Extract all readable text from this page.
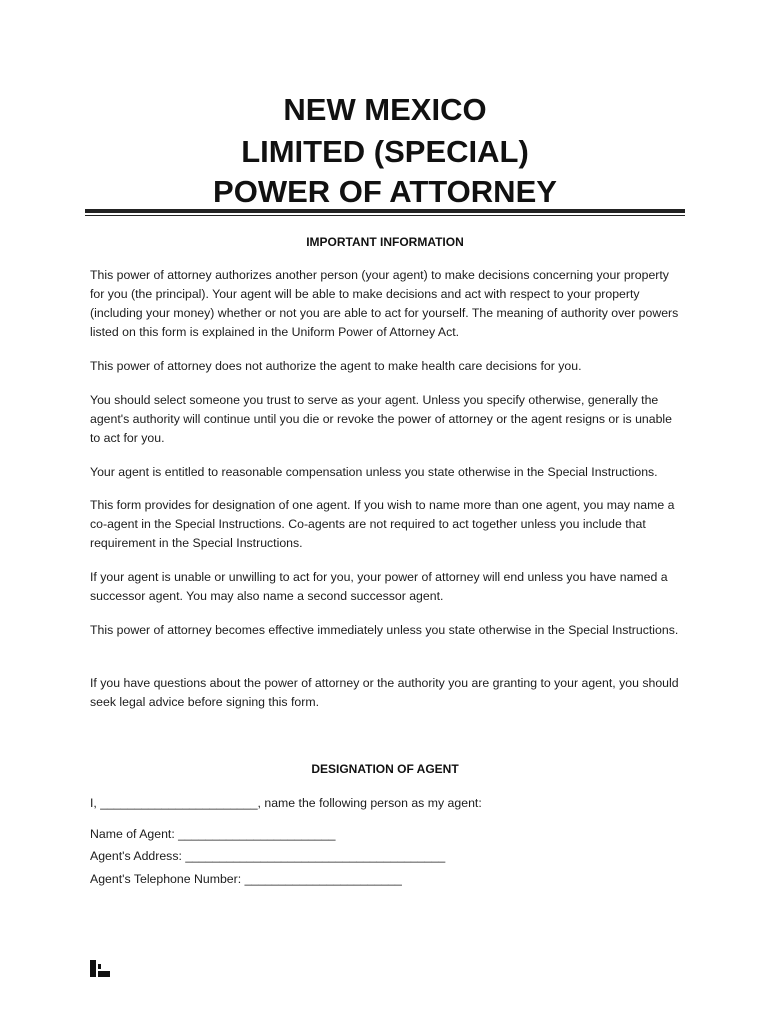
NEW MEXICO
LIMITED (SPECIAL)
POWER OF ATTORNEY
IMPORTANT INFORMATION
This power of attorney authorizes another person (your agent) to make decisions concerning your property for you (the principal). Your agent will be able to make decisions and act with respect to your property (including your money) whether or not you are able to act for yourself. The meaning of authority over powers listed on this form is explained in the Uniform Power of Attorney Act.
This power of attorney does not authorize the agent to make health care decisions for you.
You should select someone you trust to serve as your agent. Unless you specify otherwise, generally the agent's authority will continue until you die or revoke the power of attorney or the agent resigns or is unable to act for you.
Your agent is entitled to reasonable compensation unless you state otherwise in the Special Instructions.
This form provides for designation of one agent. If you wish to name more than one agent, you may name a co-agent in the Special Instructions. Co-agents are not required to act together unless you include that requirement in the Special Instructions.
If your agent is unable or unwilling to act for you, your power of attorney will end unless you have named a successor agent. You may also name a second successor agent.
This power of attorney becomes effective immediately unless you state otherwise in the Special Instructions.
If you have questions about the power of attorney or the authority you are granting to your agent, you should seek legal advice before signing this form.
DESIGNATION OF AGENT
I, _______________________, name the following person as my agent:
Name of Agent: _______________________
Agent's Address: ______________________________________
Agent's Telephone Number: _______________________
